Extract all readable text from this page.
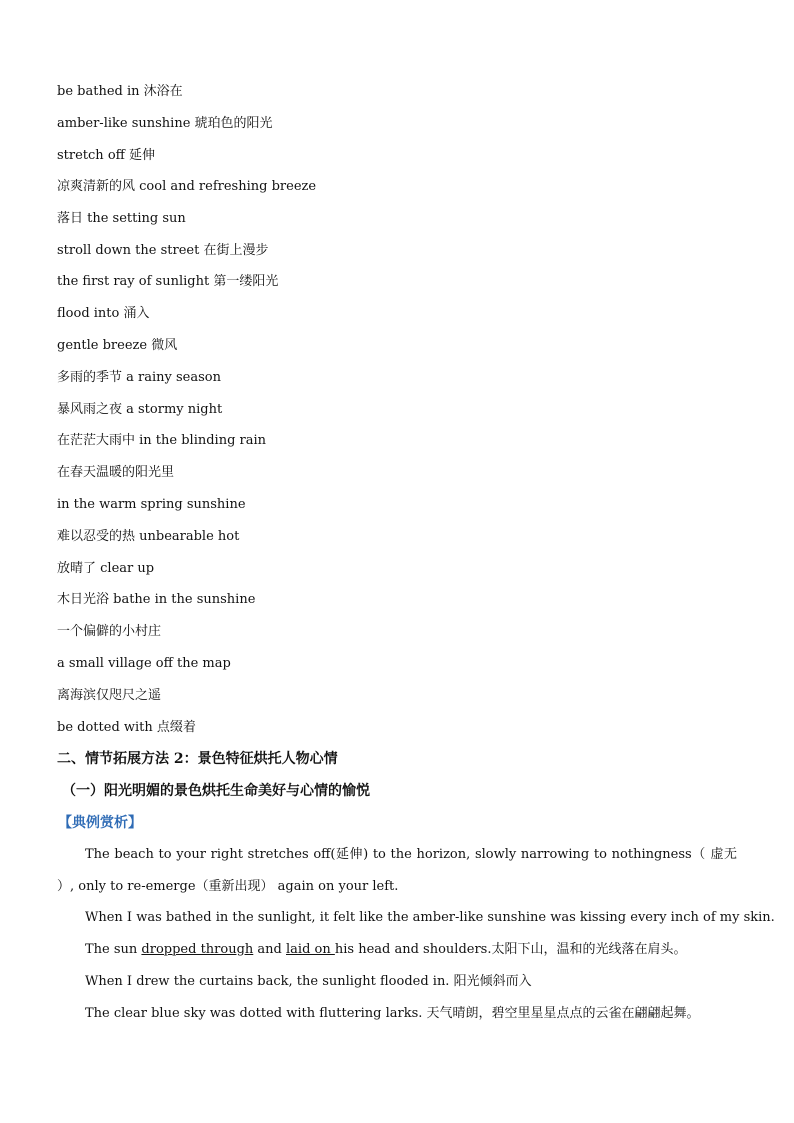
be bathed in 沐浴在
amber-like sunshine 琥珀色的阳光
stretch off 延伸
凉爽清新的风 cool and refreshing breeze
落日 the setting sun
stroll down the street 在街上漫步
the first ray of sunlight 第一缕阳光
flood into 涌入
gentle breeze 微风
多雨的季节 a rainy season
暴风雨之夜 a stormy night
在茫茫大雨中 in the blinding rain
在春天温暖的阳光里
in the warm spring sunshine
难以忍受的热 unbearable hot
放晴了 clear up
木日光浴 bathe in the sunshine
一个偏僻的小村庄
a small village off the map
离海滨仅咫尺之遥
be dotted with 点缀着
二、情节拓展方法 2：景色特征烘托人物心情
（一）阳光明媚的景色烘托生命美好与心情的愉悦
【典例赏析】
The beach to your right stretches off(延伸) to the horizon, slowly narrowing to nothingness（ 虚无 ）, only to re-emerge（重新出现） again on your left.
When I was bathed in the sunlight, it felt like the amber-like sunshine was kissing every inch of my skin.
The sun dropped through and laid on his head and shoulders.太阳下山，温和的光线落在肩头。
When I drew the curtains back, the sunlight flooded in. 阳光倾斜而入
The clear blue sky was dotted with fluttering larks. 天气晴朗，碧空里星星点点的云雀在翩翩起舞。
